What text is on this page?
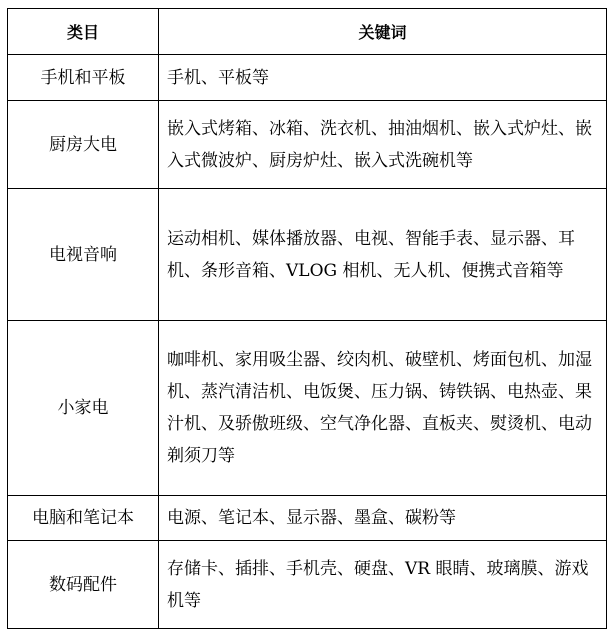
类目	关键词
手机和平板	手机、平板等
厨房大电	嵌入式烤箱、冰箱、洗衣机、抽油烟机、嵌入式炉灶、嵌入式微波炉、厨房炉灶、嵌入式洗碗机等
电视音响	运动相机、媒体播放器、电视、智能手表、显示器、耳机、条形音箱、VLOG 相机、无人机、便携式音箱等
小家电	咖啡机、家用吸尘器、绞肉机、破壁机、烤面包机、加湿机、蒸汽清洁机、电饭煲、压力锅、铸铁锅、电热壶、果汁机、及骄傲班级、空气净化器、直板夹、熨烫机、电动剃须刀等
电脑和笔记本	电源、笔记本、显示器、墨盒、碳粉等
数码配件	存储卡、插排、手机壳、硬盘、VR 眼睛、玻璃膜、游戏机等
